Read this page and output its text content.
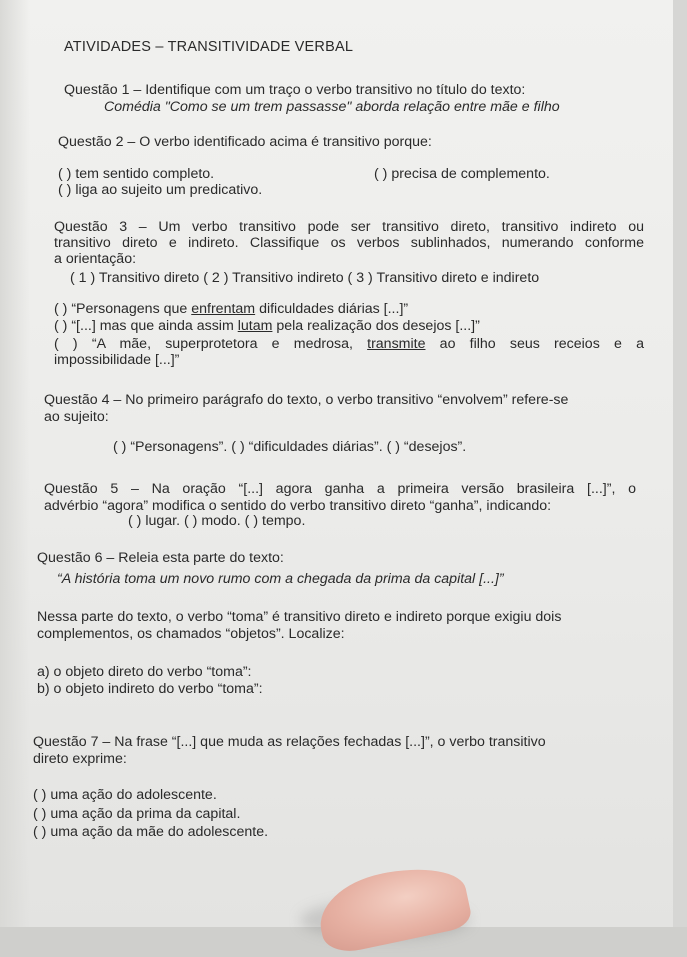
ATIVIDADES – TRANSITIVIDADE VERBAL
Questão 1 – Identifique com um traço o verbo transitivo no título do texto:
Comédia "Como se um trem passasse" aborda relação entre mãe e filho
Questão 2 – O verbo identificado acima é transitivo porque:
( ) tem sentido completo.	( ) precisa de complemento.
( ) liga ao sujeito um predicativo.
Questão 3 – Um verbo transitivo pode ser transitivo direto, transitivo indireto ou
transitivo direto e indireto. Classifique os verbos sublinhados, numerando conforme
a orientação:
( 1 ) Transitivo direto ( 2 ) Transitivo indireto ( 3 ) Transitivo direto e indireto
( ) “Personagens que enfrentam dificuldades diárias [...]”
( ) “[...] mas que ainda assim lutam pela realização dos desejos [...]”
( ) “A mãe, superprotetora e medrosa, transmite ao filho seus receios e a
impossibilidade [...]”
Questão 4 – No primeiro parágrafo do texto, o verbo transitivo “envolvem” refere-se
ao sujeito:
( ) “Personagens”. ( ) “dificuldades diárias”. ( ) “desejos”.
Questão 5 – Na oração “[...] agora ganha a primeira versão brasileira [...]”, o
advérbio “agora” modifica o sentido do verbo transitivo direto “ganha”, indicando:
( ) lugar. ( ) modo. ( ) tempo.
Questão 6 – Releia esta parte do texto:
“A história toma um novo rumo com a chegada da prima da capital [...]”
Nessa parte do texto, o verbo “toma” é transitivo direto e indireto porque exigiu dois
complementos, os chamados “objetos”. Localize:
a) o objeto direto do verbo “toma”:
b) o objeto indireto do verbo “toma”:
Questão 7 – Na frase “[...] que muda as relações fechadas [...]”, o verbo transitivo
direto exprime:
( ) uma ação do adolescente.
( ) uma ação da prima da capital.
( ) uma ação da mãe do adolescente.
